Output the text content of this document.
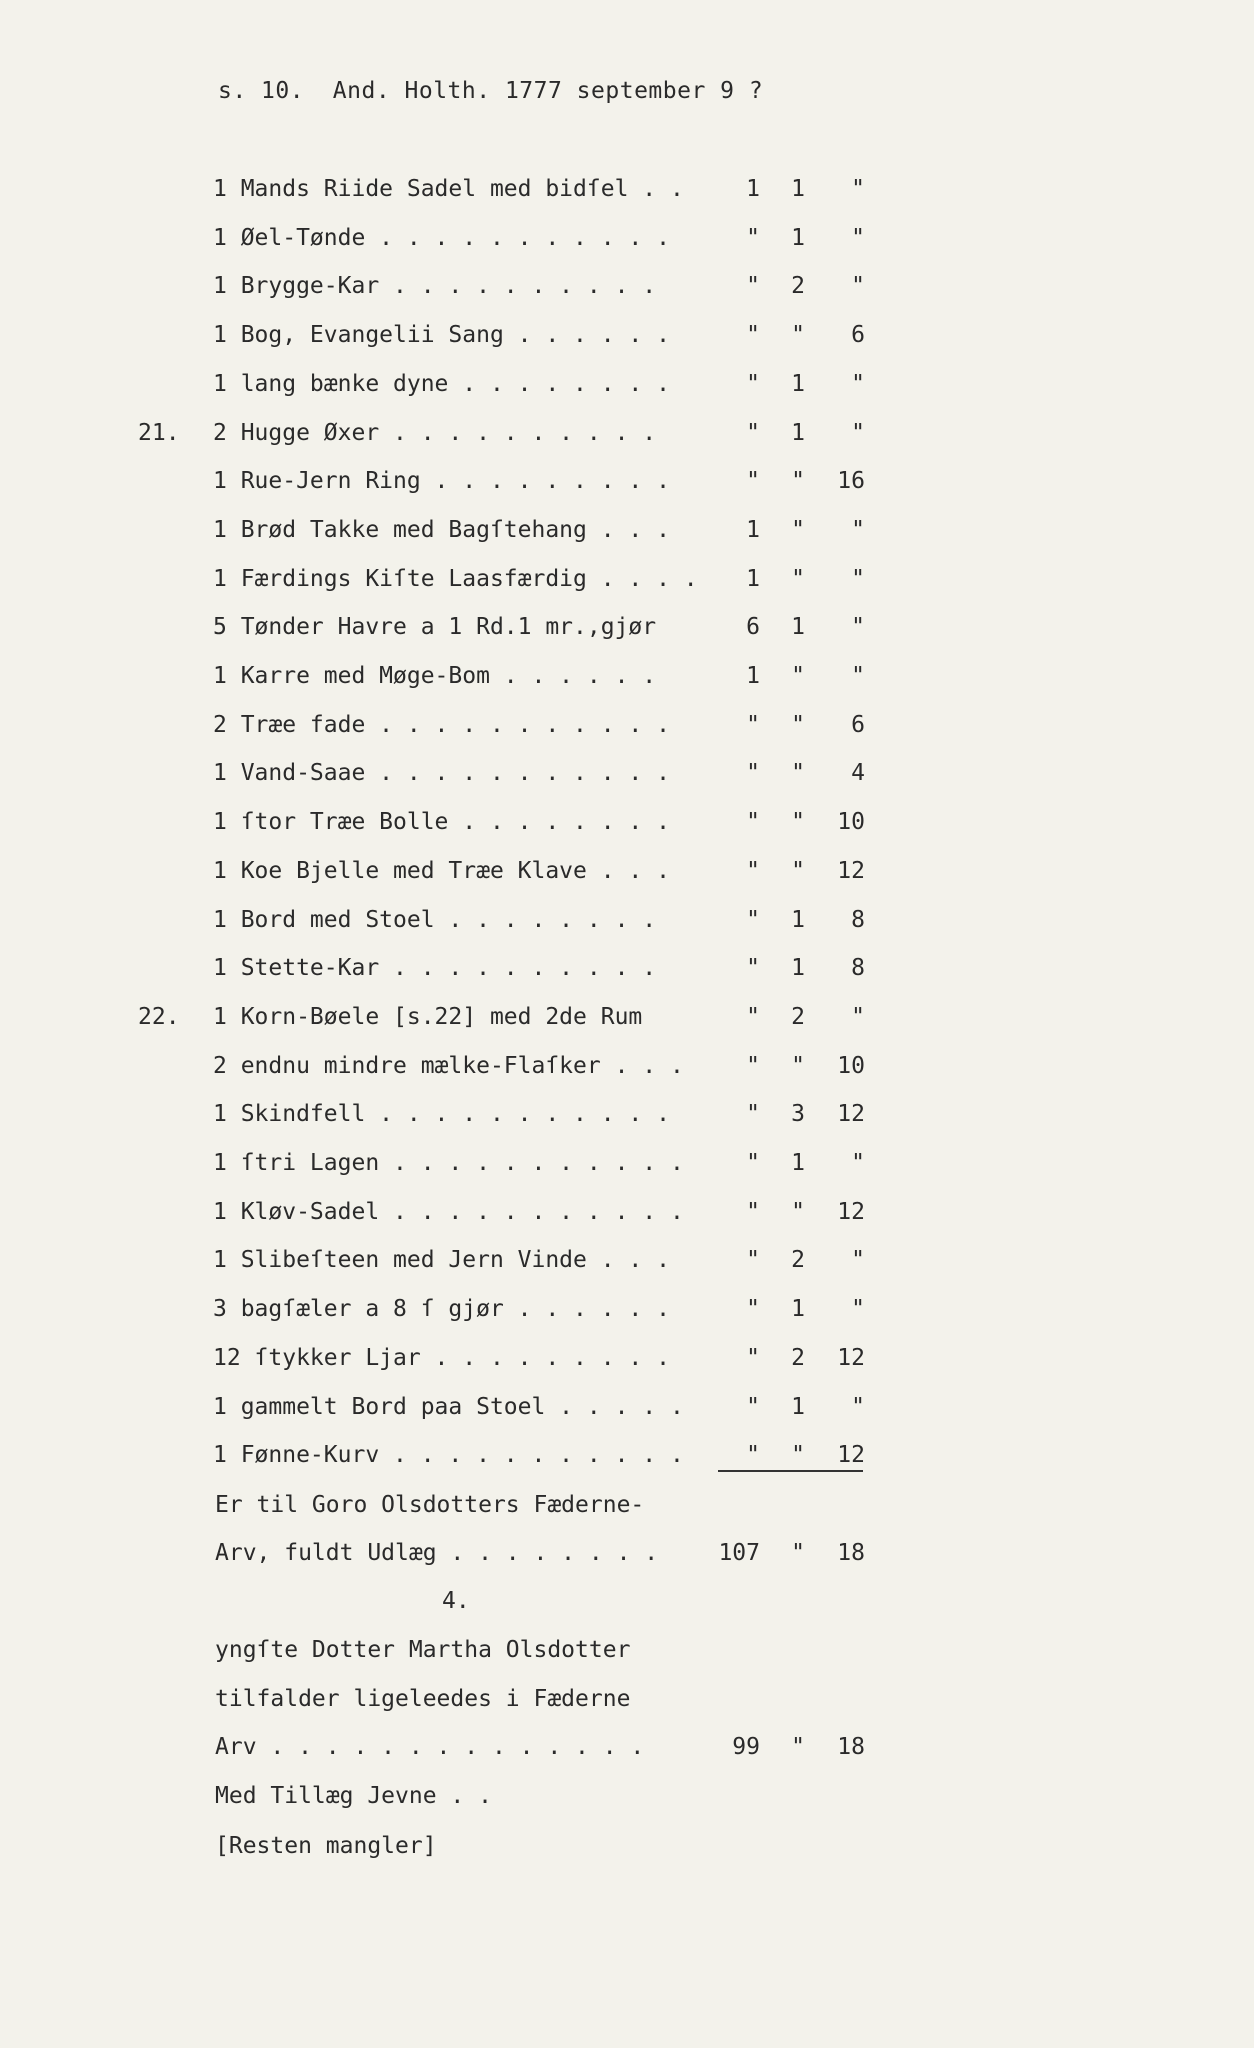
s. 10.  And. Holth. 1777 september 9 ?
1 Mands Riide Sadel med bidſel . .	1	1	"
1 Øel-Tønde . . . . . . . . . . .	"	1	"
1 Brygge-Kar . . . . . . . . . .	"	2	"
1 Bog, Evangelii Sang . . . . . .	"	"	6
1 lang bænke dyne . . . . . . . .	"	1	"
21. 2 Hugge Øxer . . . . . . . . . .	"	1	"
1 Rue-Jern Ring . . . . . . . . .	"	"	16
1 Brød Takke med Bagſtehang . . .	1	"	"
1 Færdings Kiſte Laasfærdig . . . .	1	"	"
5 Tønder Havre a 1 Rd.1 mr.,gjør	6	1	"
1 Karre med Møge-Bom . . . . . .	1	"	"
2 Træe fade . . . . . . . . . . .	"	"	6
1 Vand-Saae . . . . . . . . . . .	"	"	4
1 ſtor Træe Bolle . . . . . . . .	"	"	10
1 Koe Bjelle med Træe Klave . . .	"	"	12
1 Bord med Stoel . . . . . . . .	"	1	8
1 Stette-Kar . . . . . . . . . .	"	1	8
22. 1 Korn-Bøele [s.22] med 2de Rum	"	2	"
2 endnu mindre mælke-Flaſker . . .	"	"	10
1 Skindfell . . . . . . . . . . .	"	3	12
1 ſtri Lagen . . . . . . . . . . .	"	1	"
1 Kløv-Sadel . . . . . . . . . . .	"	"	12
1 Slibeſteen med Jern Vinde . . .	"	2	"
3 bagſæler a 8 ſ gjør . . . . . .	"	1	"
12 ſtykker Ljar . . . . . . . . .	"	2	12
1 gammelt Bord paa Stoel . . . . .	"	1	"
1 Fønne-Kurv . . . . . . . . . . .	"	"	12
Er til Goro Olsdotters Fæderne-
Arv, fuldt Udlæg . . . . . . . .	107	"	18
4.
yngſte Dotter Martha Olsdotter
tilfalder ligeleedes i Fæderne
Arv . . . . . . . . . . . . . .	99	"	18
Med Tillæg Jevne . .
[Resten mangler]
